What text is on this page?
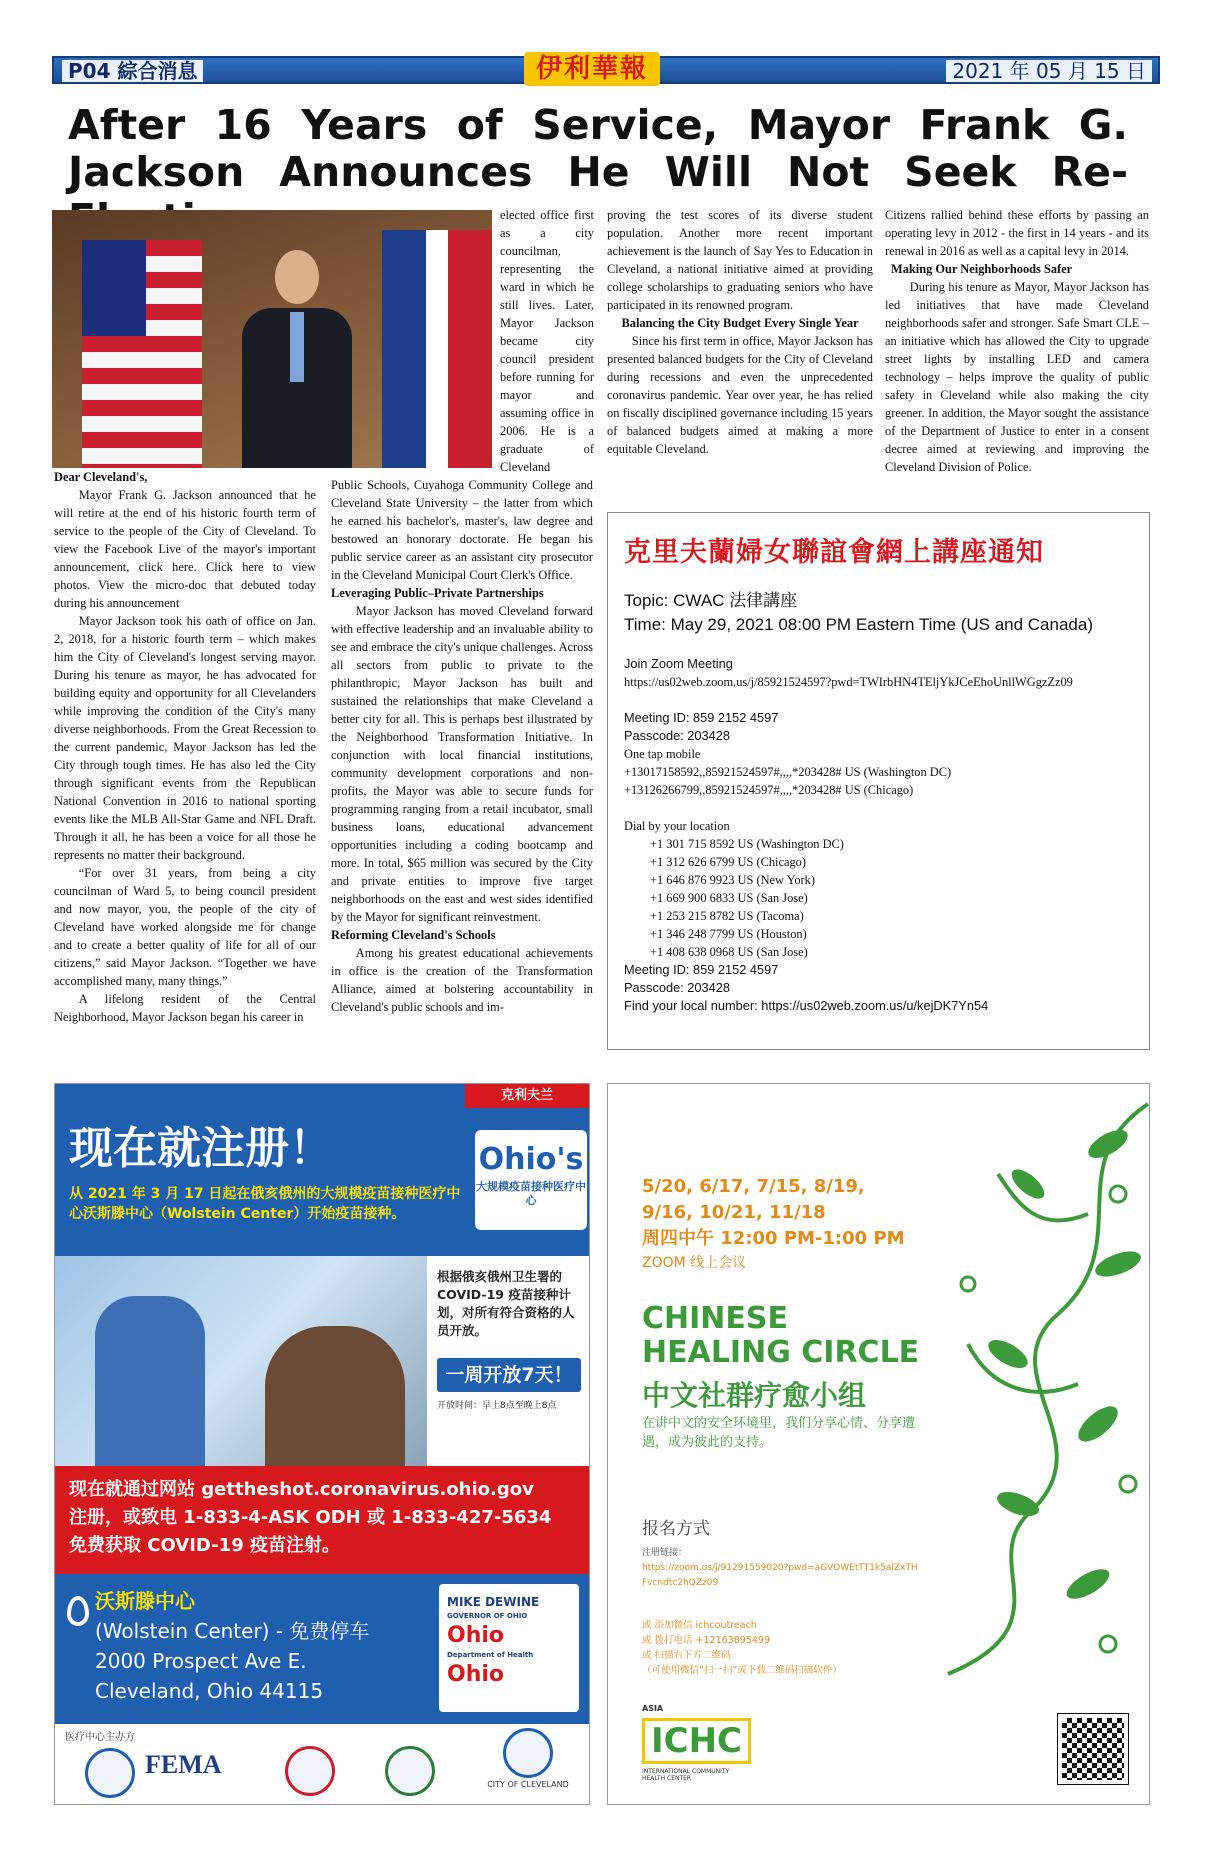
P04 綜合消息	伊利華報	2021 年 05 月 15 日
After 16 Years of Service, Mayor Frank G. Jackson Announces He Will Not Seek Re-

elected office first as a city councilman, representing the ward in which he still lives. Later, Mayor Jackson became city council president before running for mayor and assuming office in 2006. He is a graduate of Cleveland

Dear Cleveland's,

Mayor Frank G. Jackson announced that he will retire at the end of his historic fourth term of service to the people of the City of Cleveland. To view the Facebook Live of the mayor's important announcement, click here. Click here to view photos. View the micro-doc that debuted today during his announcement

Mayor Jackson took his oath of office on Jan. 2, 2018, for a historic fourth term – which makes him the City of Cleveland's longest serving mayor. During his tenure as mayor, he has advocated for building equity and opportunity for all Clevelanders while improving the condition of the City's many diverse neighborhoods. From the Great Recession to the current pandemic, Mayor Jackson has led the City through tough times. He has also led the City through significant events from the Republican National Convention in 2016 to national sporting events like the MLB All-Star Game and NFL Draft. Through it all, he has been a voice for all those he represents no matter their background.

“For over 31 years, from being a city councilman of Ward 5, to being council president and now mayor, you, the people of the city of Cleveland have worked alongside me for change and to create a better quality of life for all of our citizens,” said Mayor Jackson. “Together we have accomplished many, many things.”

A lifelong resident of the Central Neighborhood, Mayor Jackson began his career in

Public Schools, Cuyahoga Community College and Cleveland State University – the latter from which he earned his bachelor's, master's, law degree and bestowed an honorary doctorate. He began his public service career as an assistant city prosecutor in the Cleveland Municipal Court Clerk's Office.

Leveraging Public–Private Partnerships

Mayor Jackson has moved Cleveland forward with effective leadership and an invaluable ability to see and embrace the city's unique challenges. Across all sectors from public to private to the philanthropic, Mayor Jackson has built and sustained the relationships that make Cleveland a better city for all. This is perhaps best illustrated by the Neighborhood Transformation Initiative. In conjunction with local financial institutions, community development corporations and non-profits, the Mayor was able to secure funds for programming ranging from a retail incubator, small business loans, educational advancement opportunities including a coding bootcamp and more. In total, $65 million was secured by the City and private entities to improve five target neighborhoods on the east and west sides identified by the Mayor for significant reinvestment.

Reforming Cleveland's Schools

Among his greatest educational achievements in office is the creation of the Transformation Alliance, aimed at bolstering accountability in Cleveland's public schools and im-

proving the test scores of its diverse student population. Another more recent important achievement is the launch of Say Yes to Education in Cleveland, a national initiative aimed at providing college scholarships to graduating seniors who have participated in its renowned program.

Balancing the City Budget Every Single Year

Since his first term in office, Mayor Jackson has presented balanced budgets for the City of Cleveland during recessions and even the unprecedented coronavirus pandemic. Year over year, he has relied on fiscally disciplined governance including 15 years of balanced budgets aimed at making a more equitable Cleveland.

Citizens rallied behind these efforts by passing an operating levy in 2012 - the first in 14 years - and its renewal in 2016 as well as a capital levy in 2014.

Making Our Neighborhoods Safer

During his tenure as Mayor, Mayor Jackson has led initiatives that have made Cleveland neighborhoods safer and stronger. Safe Smart CLE – an initiative which has allowed the City to upgrade street lights by installing LED and camera technology – helps improve the quality of public safety in Cleveland while also making the city greener. In addition, the Mayor sought the assistance of the Department of Justice to enter in a consent decree aimed at reviewing and improving the Cleveland Division of Police.

克里夫蘭婦女聯誼會網上講座通知
Topic: CWAC 法律講座
Time: May 29, 2021 08:00 PM Eastern Time (US and Canada)
Join Zoom Meeting
https://us02web.zoom.us/j/85921524597?pwd=TWIrbHN4TEljYkJCeEhoUnllWGgzZz09
Meeting ID: 859 2152 4597
Passcode: 203428
One tap mobile
+13017158592,,85921524597#,,,,*203428# US (Washington DC)
+13126266799,,85921524597#,,,,*203428# US (Chicago)
Dial by your location
+1 301 715 8592 US (Washington DC)
+1 312 626 6799 US (Chicago)
+1 646 876 9923 US (New York)
+1 669 900 6833 US (San Jose)
+1 253 215 8782 US (Tacoma)
+1 346 248 7799 US (Houston)
+1 408 638 0968 US (San Jose)
Meeting ID: 859 2152 4597
Passcode: 203428
Find your local number: https://us02web.zoom.us/u/kejDK7Yn54
克利夫兰
现在就注册！
从 2021 年 3 月 17 日起在俄亥俄州的大规模疫苗接种医疗中心沃斯滕中心（Wolstein Center）开始疫苗接种。
Ohio's
大规模疫苗接种医疗中心
根据俄亥俄州卫生署的 COVID-19 疫苗接种计划，对所有符合资格的人员开放。
一周开放7天！
开放时间：早上8点至晚上8点
现在就通过网站 gettheshot.coronavirus.ohio.gov
注册，或致电 1-833-4-ASK ODH 或 1-833-427-5634
免费获取 COVID-19 疫苗注射。
沃斯滕中心
(Wolstein Center) - 免费停车
2000 Prospect Ave E.
Cleveland, Ohio 44115
MIKE DEWINE
GOVERNOR OF OHIO
Ohio
Department of Health
Ohio
医疗中心主办方
FEMA
CITY OF CLEVELAND
5/20, 6/17, 7/15, 8/19,
9/16, 10/21, 11/18
周四中午 12:00 PM-1:00 PM
ZOOM 线上会议
CHINESE
HEALING CIRCLE
中文社群疗愈小组
在讲中文的安全环境里，我们分享心情、分享遭遇，成为彼此的支持。
报名方式
注册链接：
https://zoom.us/j/91291559020?pwd=aGVOWEtTT1k5alZxTHFvcndtc2hQZz09
或 添加微信 ichcoutreach
或 拨打电话 +12163895499
或 扫描右下方二维码
（可使用微信“扫一扫”或下载二维码扫描软件）
ASIA
ICHC
INTERNATIONAL COMMUNITY HEALTH CENTER
